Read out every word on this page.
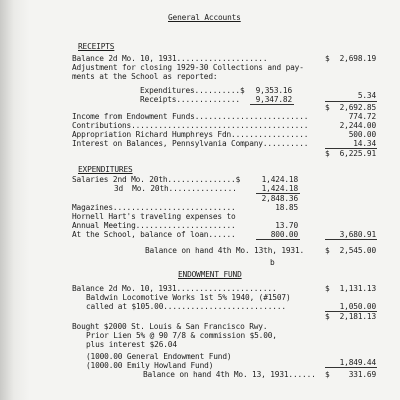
General Accounts
RECEIPTS
Balance 2d Mo. 10, 1931....................	$	2,698.19
Adjustment for closing 1929-30 Collections and pay-
ments at the School as reported:
Expenditures..........$	9,353.16
Receipts..............	9,347.82	5.34
$	2,692.85
Income from Endowment Funds.........................	774.72
Contributions.......................................	2,244.00
Appropriation Richard Humphreys Fdn.................	500.00
Interest on Balances, Pennsylvania Company..........	14.34
$	6,225.91
EXPENDITURES
Salaries 2nd Mo. 20th...............$	1,424.18
3d  Mo. 20th...............	1,424.18
2,848.36
Magazines...........................	18.85
Hornell Hart's traveling expenses to
Annual Meeting......................	13.70
At the School, balance of loan......	800.00	3,680.91
Balance on hand 4th Mo. 13th, 1931.	$	2,545.00
b
ENDOWMENT FUND
Balance 2d Mo. 10, 1931......................	$	1,131.13
Baldwin Locomotive Works 1st 5% 1940, (#1507)
called at $105.00...........................	1,050.00
$	2,181.13
Bought $2000 St. Louis & San Francisco Rwy.
Prior Lien 5% @ 90 7/8 & commission $5.00,
plus interest $26.04
(1000.00 General Endowment Fund)
(1000.00 Emily Howland Fund)	1,849.44
Balance on hand 4th Mo. 13, 1931...... $	331.69
